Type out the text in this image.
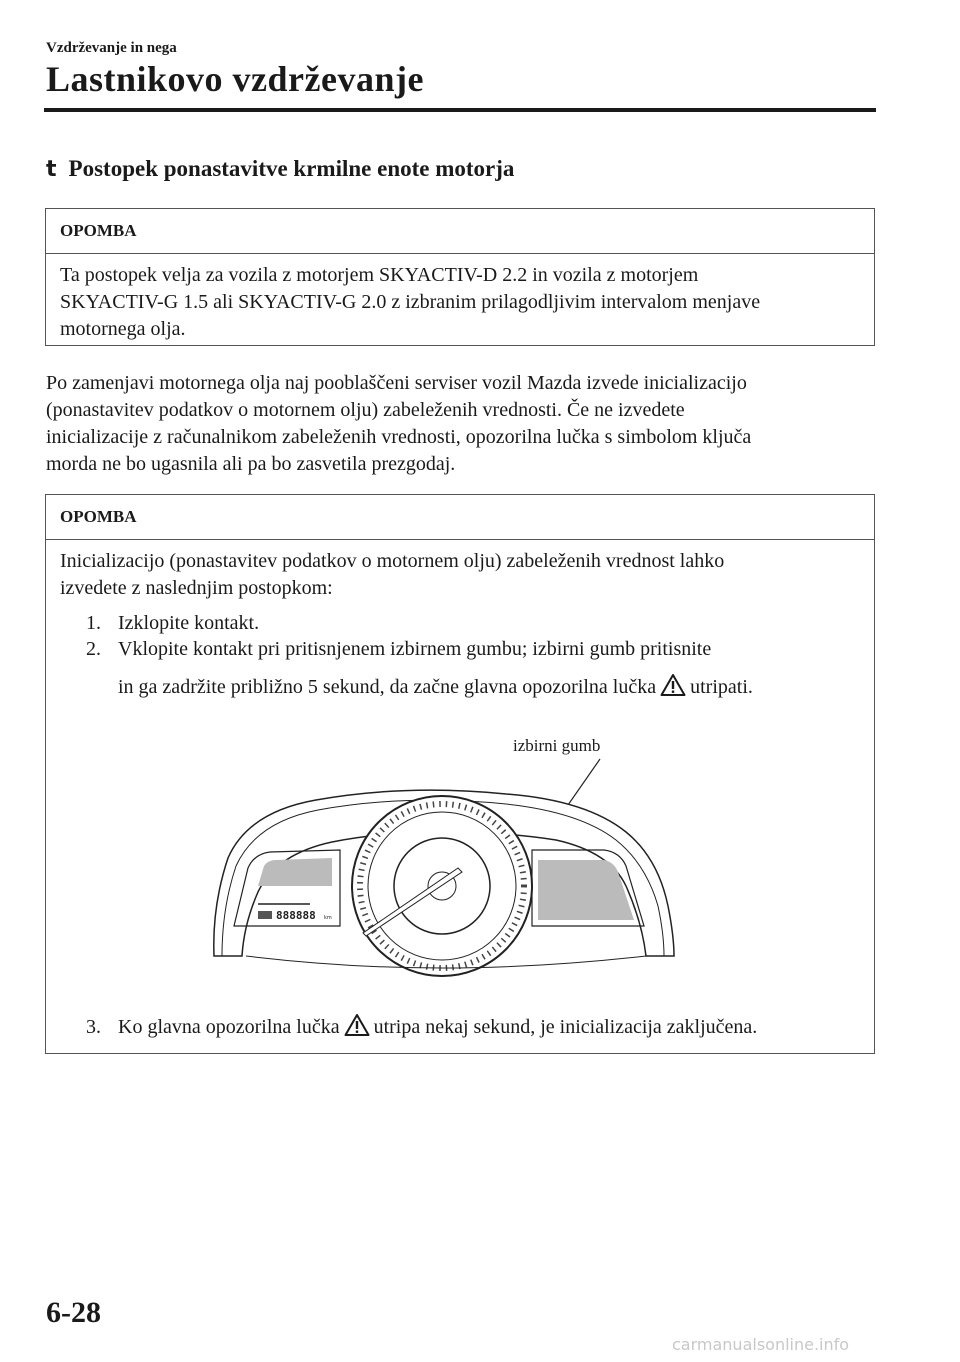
Vzdrževanje in nega
Lastnikovo vzdrževanje
t Postopek ponastavitve krmilne enote motorja
OPOMBA
Ta postopek velja za vozila z motorjem SKYACTIV-D 2.2 in vozila z motorjem
SKYACTIV-G 1.5 ali SKYACTIV-G 2.0 z izbranim prilagodljivim intervalom menjave
motornega olja.
Po zamenjavi motornega olja naj pooblaščeni serviser vozil Mazda izvede inicializacijo
(ponastavitev podatkov o motornem olju) zabeleženih vrednosti. Če ne izvedete
inicializacije z računalnikom zabeleženih vrednosti, opozorilna lučka s simbolom ključa
morda ne bo ugasnila ali pa bo zasvetila prezgodaj.
OPOMBA
Inicializacijo (ponastavitev podatkov o motornem olju) zabeleženih vrednost lahko
izvedete z naslednjim postopkom:
1. Izklopite kontakt.
2. Vklopite kontakt pri pritisnjenem izbirnem gumbu; izbirni gumb pritisnite
in ga zadržite približno 5 sekund, da začne glavna opozorilna lučka utripati.
izbirni gumb
888888 km
3. Ko glavna opozorilna lučka utripa nekaj sekund, je inicializacija zaključena.
6-28
carmanualsonline.info
